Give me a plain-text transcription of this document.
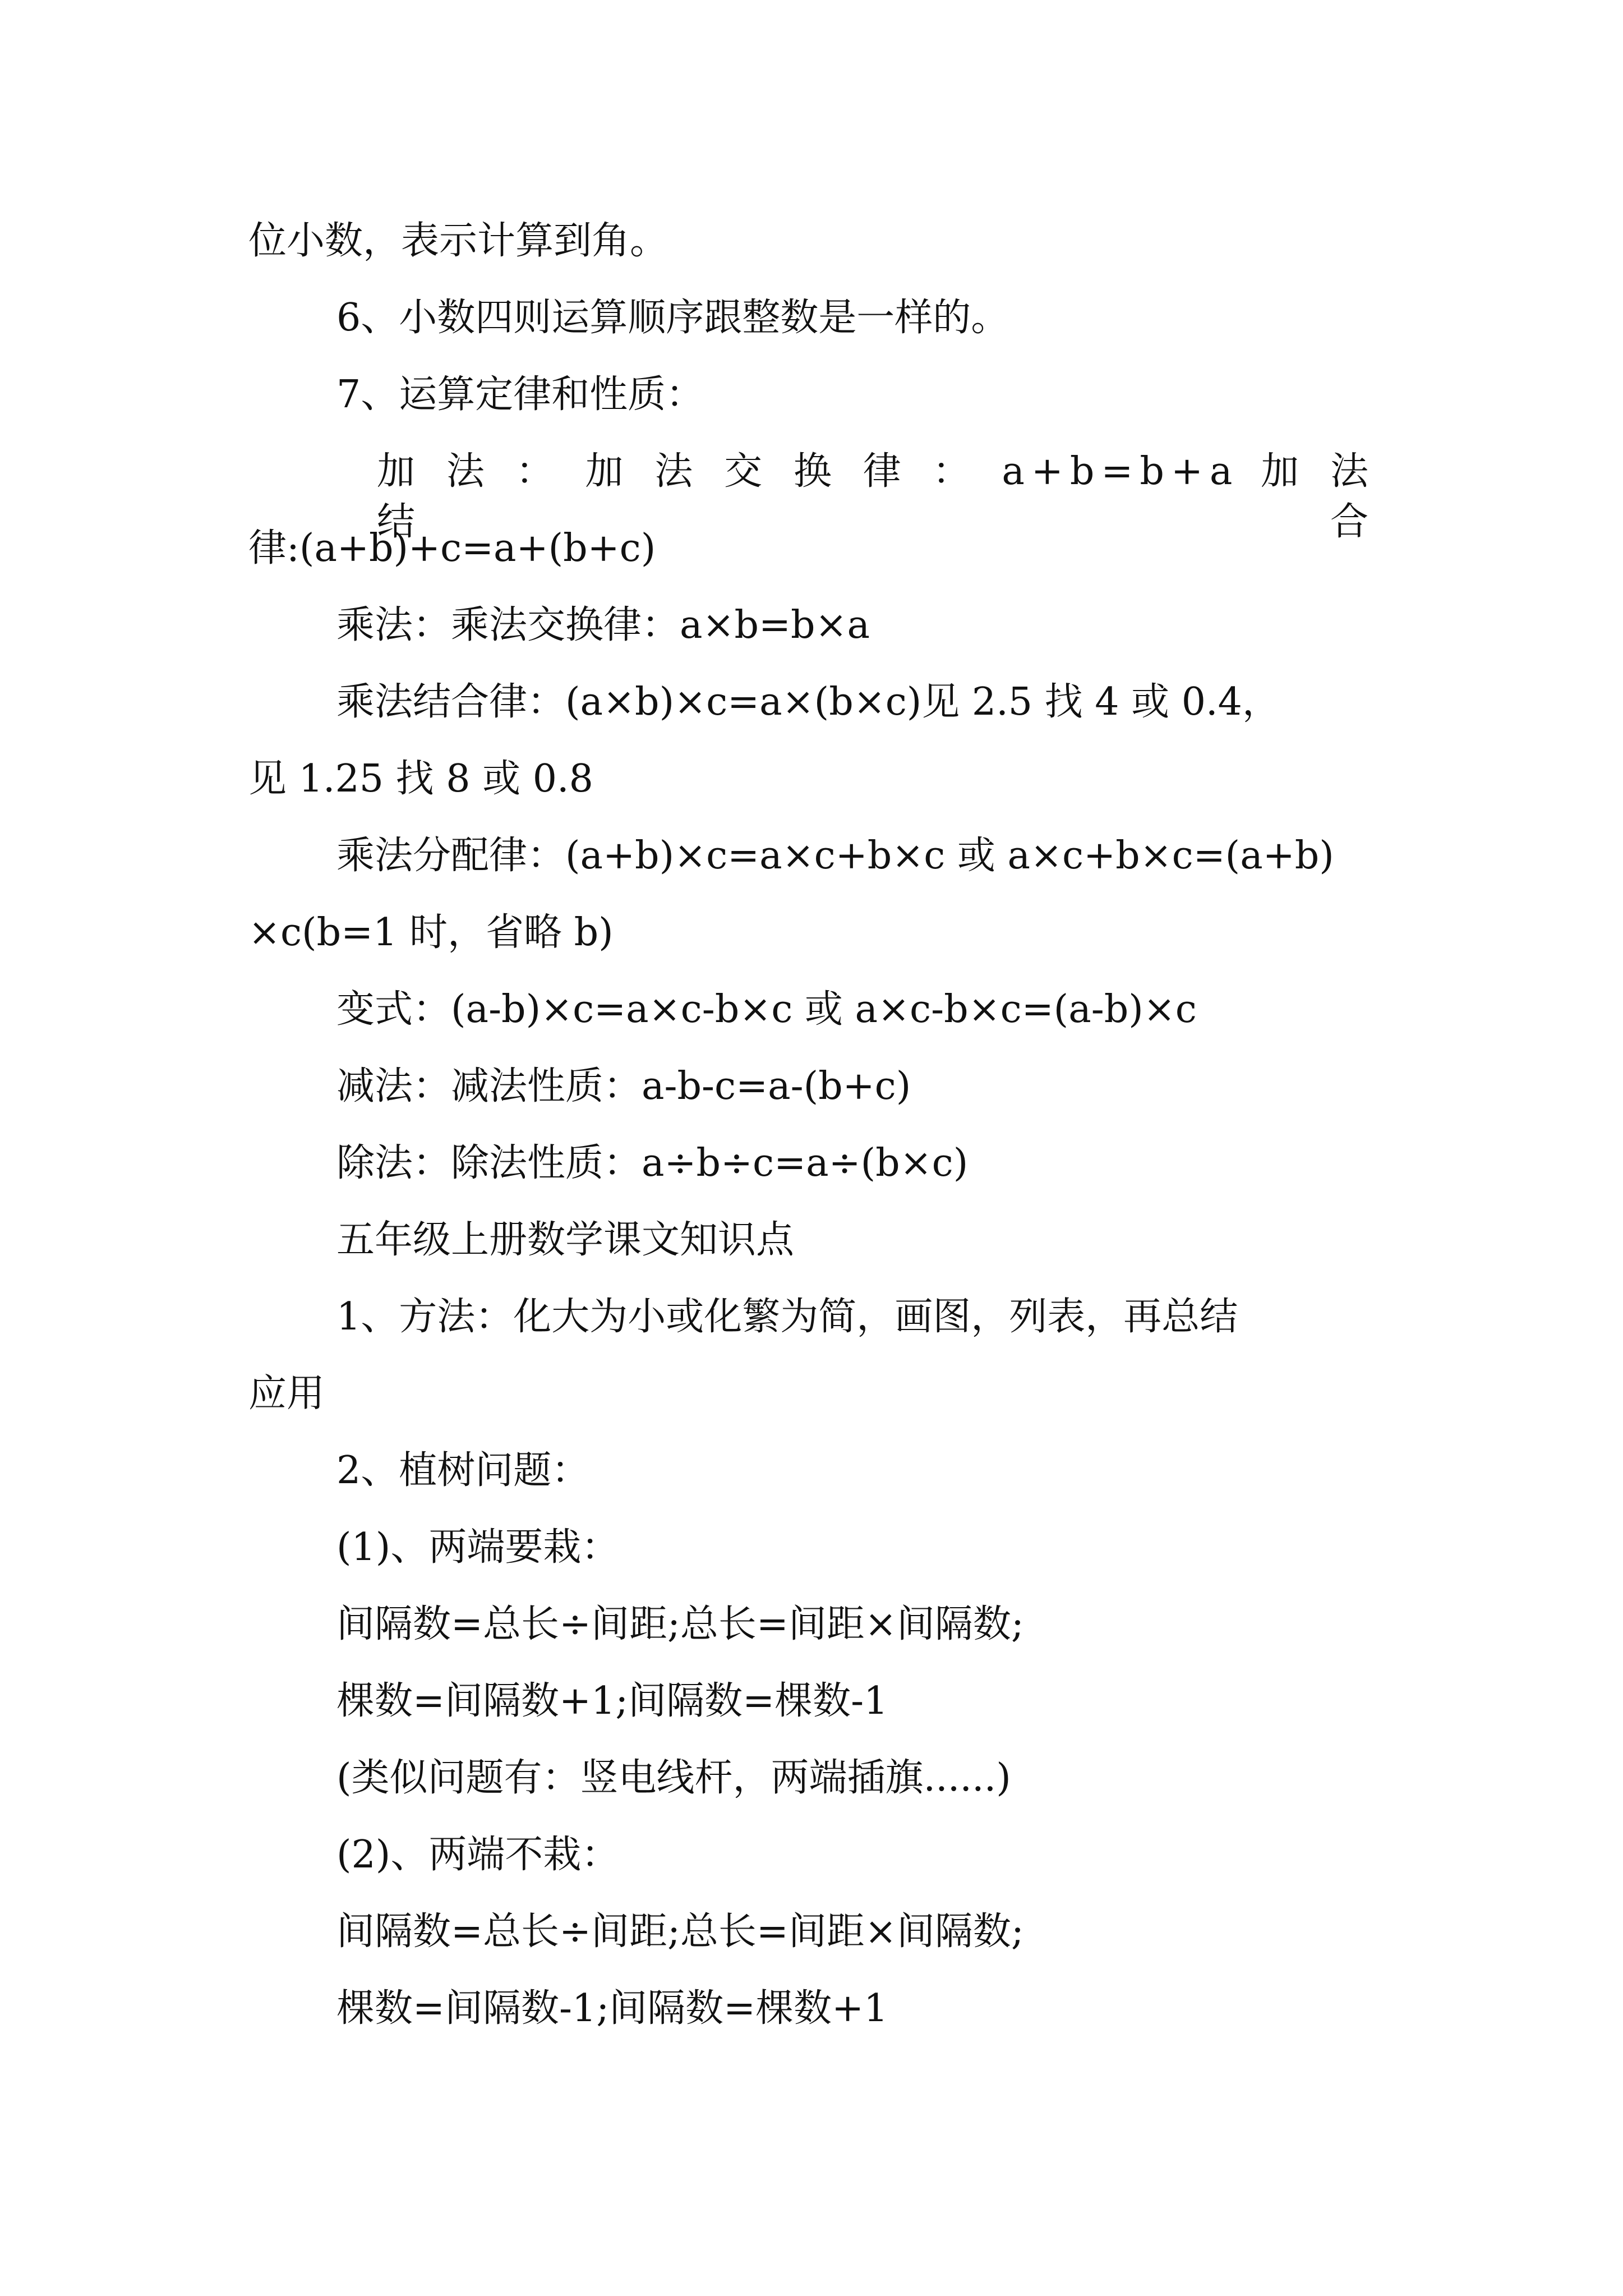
位小数，表示计算到角。
6、小数四则运算顺序跟整数是一样的。
7、运算定律和性质：
加 法 ： 加 法 交 换 律 ： a+b=b+a 加 法 结 合
律:(a+b)+c=a+(b+c)
乘法：乘法交换律：a×b=b×a
乘法结合律：(a×b)×c=a×(b×c)见 2.5 找 4 或 0.4，
见 1.25 找 8 或 0.8
乘法分配律：(a+b)×c=a×c+b×c 或 a×c+b×c=(a+b)
×c(b=1 时，省略 b)
变式：(a-b)×c=a×c-b×c 或 a×c-b×c=(a-b)×c
减法：减法性质：a-b-c=a-(b+c)
除法：除法性质：a÷b÷c=a÷(b×c)
五年级上册数学课文知识点
1、方法：化大为小或化繁为简，画图，列表，再总结
应用
2、植树问题：
(1)、两端要栽：
间隔数=总长÷间距;总长=间距×间隔数;
棵数=间隔数+1;间隔数=棵数-1
(类似问题有：竖电线杆，两端插旗......)
(2)、两端不栽：
间隔数=总长÷间距;总长=间距×间隔数;
棵数=间隔数-1;间隔数=棵数+1
